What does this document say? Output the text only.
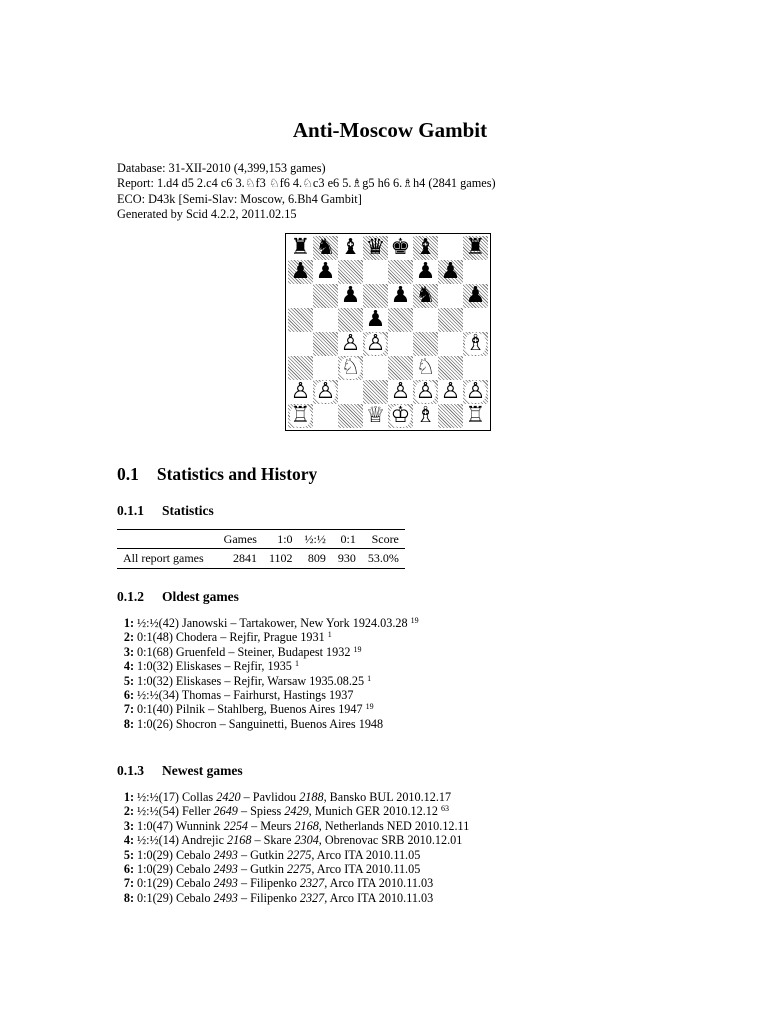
Anti-Moscow Gambit
Database: 31-XII-2010 (4,399,153 games)
Report: 1.d4 d5 2.c4 c6 3.♘f3 ♘f6 4.♘c3 e6 5.♗g5 h6 6.♗h4 (2841 games)
ECO: D43k [Semi-Slav: Moscow, 6.Bh4 Gambit]
Generated by Scid 4.2.2, 2011.02.15
♜ ♞ ♝ ♛ ♚ ♝ ♜
♟ ♟	♟ ♟
♟ ♟ ♞ ♟
♟
♙ ♙	♗
♘	♘
♙ ♙	♙ ♙ ♙ ♙
♖	♕ ♔ ♗ ♖
0.1 Statistics and History
0.1.1 Statistics
	Games	1:0	½:½	0:1	Score
All report games	2841	1102	809	930	53.0%
0.1.2 Oldest games
1: ½:½(42) Janowski – Tartakower, New York 1924.03.28 $^{19}$
2: 0:1(48) Chodera – Rejfir, Prague 1931 $^1$
3: 0:1(68) Gruenfeld – Steiner, Budapest 1932 $^{19}$
4: 1:0(32) Eliskases – Rejfir, 1935 $^1$
5: 1:0(32) Eliskases – Rejfir, Warsaw 1935.08.25 $^1$
6: ½:½(34) Thomas – Fairhurst, Hastings 1937
7: 0:1(40) Pilnik – Stahlberg, Buenos Aires 1947 $^{19}$
8: 1:0(26) Shocron – Sanguinetti, Buenos Aires 1948
0.1.3 Newest games
1: ½:½(17) Collas 2420 – Pavlidou 2188, Bansko BUL 2010.12.17
2: ½:½(54) Feller 2649 – Spiess 2429, Munich GER 2010.12.12 $^{63}$
3: 1:0(47) Wunnink 2254 – Meurs 2168, Netherlands NED 2010.12.11
4: ½:½(14) Andrejic 2168 – Skare 2304, Obrenovac SRB 2010.12.01
5: 1:0(29) Cebalo 2493 – Gutkin 2275, Arco ITA 2010.11.05
6: 1:0(29) Cebalo 2493 – Gutkin 2275, Arco ITA 2010.11.05
7: 0:1(29) Cebalo 2493 – Filipenko 2327, Arco ITA 2010.11.03
8: 0:1(29) Cebalo 2493 – Filipenko 2327, Arco ITA 2010.11.03
